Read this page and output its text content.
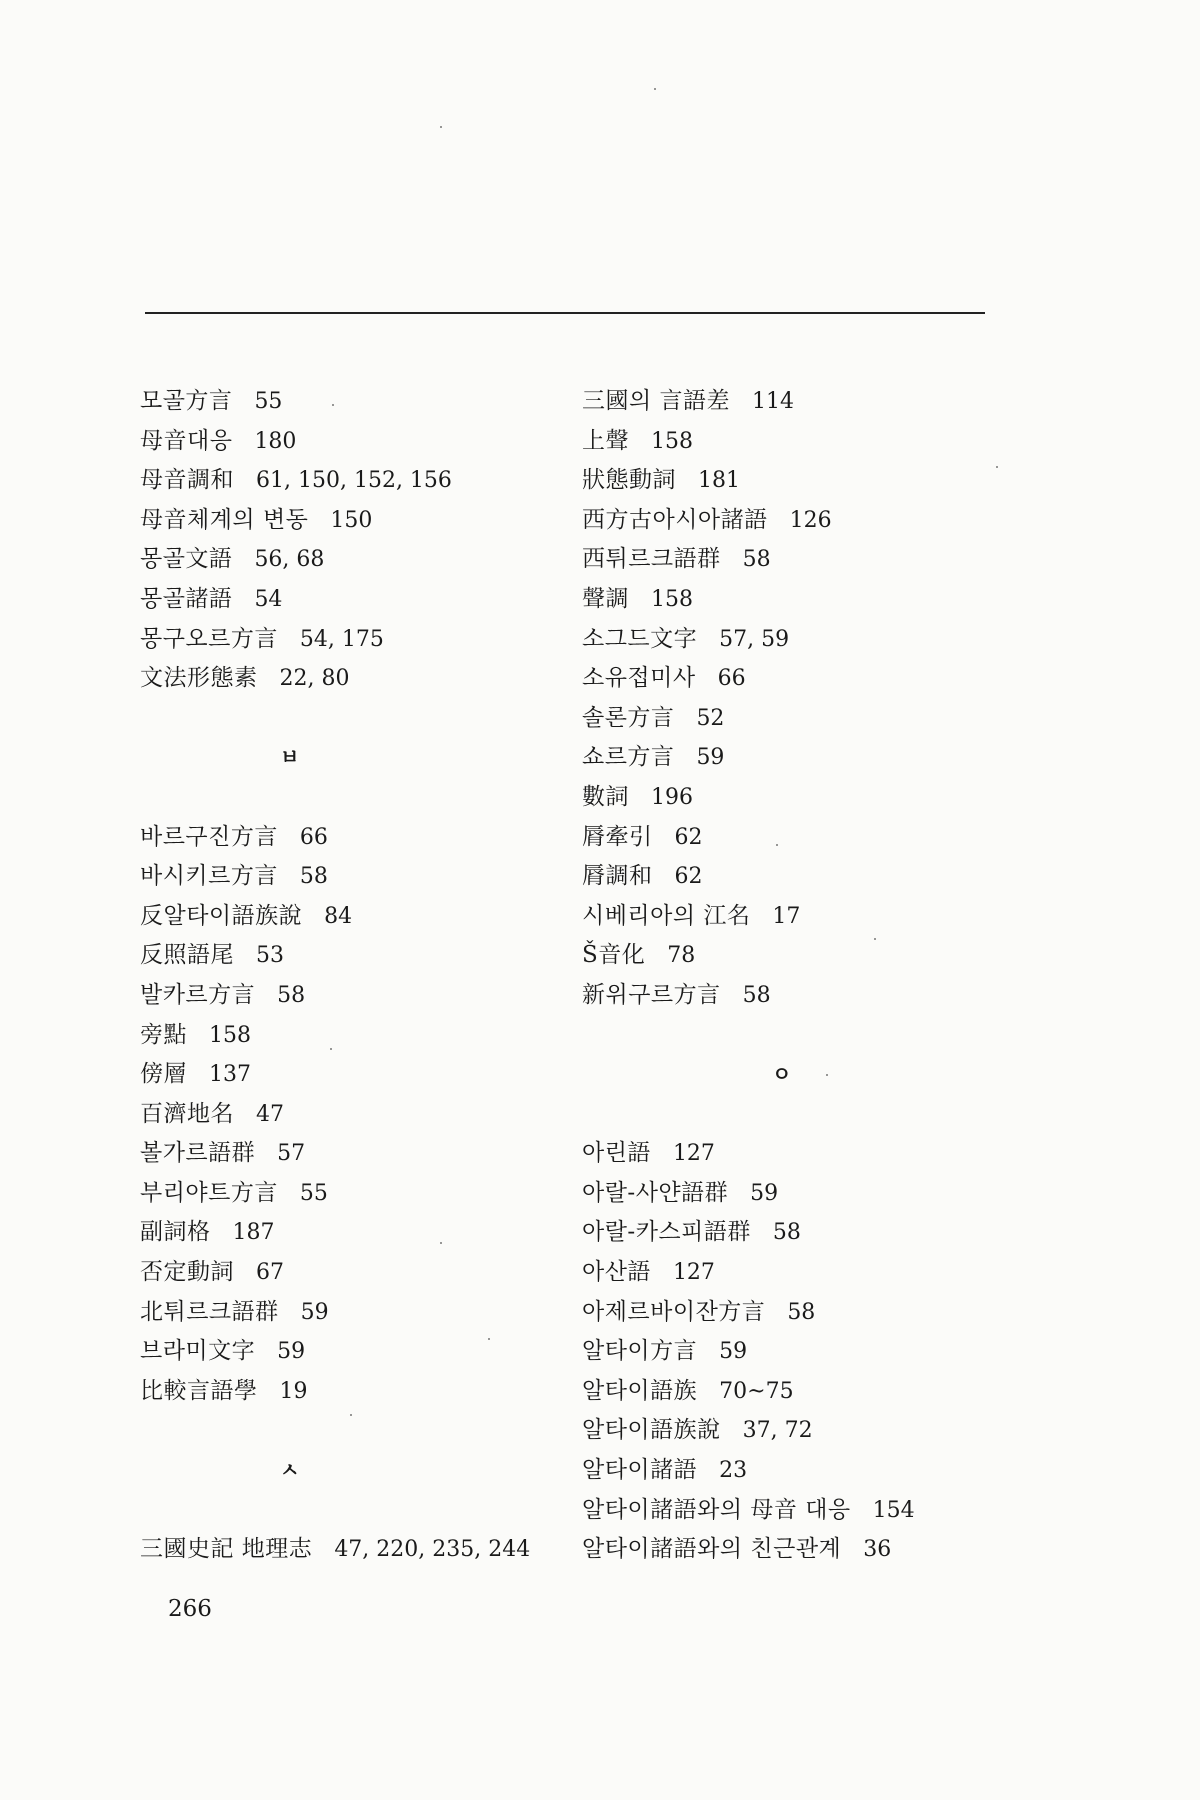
모골方言 55
母音대응 180
母音調和 61, 150, 152, 156
母音체계의 변동 150
몽골文語 56, 68
몽골諸語 54
몽구오르方言 54, 175
文法形態素 22, 80
ㅂ
바르구진方言 66
바시키르方言 58
反알타이語族說 84
反照語尾 53
발카르方言 58
旁點 158
傍層 137
百濟地名 47
볼가르語群 57
부리야트方言 55
副詞格 187
否定動詞 67
北튀르크語群 59
브라미文字 59
比較言語學 19
ㅅ
三國史記 地理志 47, 220, 235, 244
三國의 言語差 114
上聲 158
狀態動詞 181
西方古아시아諸語 126
西튀르크語群 58
聲調 158
소그드文字 57, 59
소유접미사 66
솔론方言 52
쇼르方言 59
數詞 196
脣牽引 62
脣調和 62
시베리아의 江名 17
Š音化 78
新위구르方言 58
ㅇ
아린語 127
아랄-사얀語群 59
아랄-카스피語群 58
아산語 127
아제르바이잔方言 58
알타이方言 59
알타이語族 70~75
알타이語族說 37, 72
알타이諸語 23
알타이諸語와의 母音 대응 154
알타이諸語와의 친근관계 36
266
